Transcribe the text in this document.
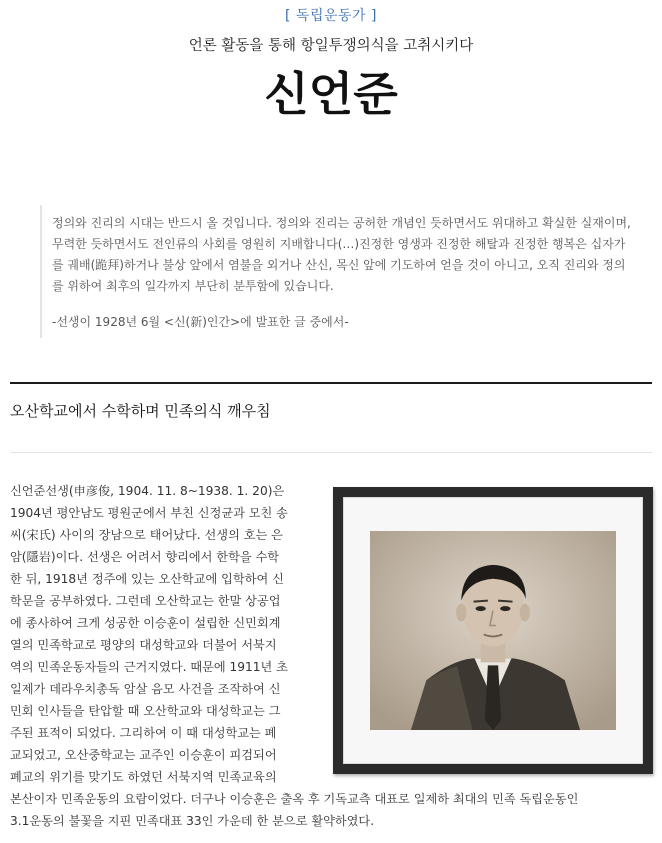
[ 독립운동가 ]
언론 활동을 통해 항일투쟁의식을 고취시키다
신언준
정의와 진리의 시대는 반드시 올 것입니다. 정의와 진리는 공허한 개념인 듯하면서도 위대하고 확실한 실재이며,
무력한 듯하면서도 전인류의 사회를 영원히 지배합니다(…)진정한 영생과 진정한 해탈과 진정한 행복은 십자가
를 궤배(跪拜)하거나 불상 앞에서 염불을 외거나 산신, 목신 앞에 기도하여 얻을 것이 아니고, 오직 진리와 정의
를 위하여 최후의 일각까지 부단히 분투함에 있습니다.
-선생이 1928년 6월 <신(新)인간>에 발표한 글 중에서-
오산학교에서 수학하며 민족의식 깨우침

신언준선생(申彦俊, 1904. 11. 8~1938. 1. 20)은

1904년 평안남도 평원군에서 부친 신정균과 모친 송

씨(宋氏) 사이의 장남으로 태어났다. 선생의 호는 은

암(隱岩)이다. 선생은 어려서 향리에서 한학을 수학

한 뒤, 1918년 정주에 있는 오산학교에 입학하여 신

학문을 공부하였다. 그런데 오산학교는 한말 상공업

에 종사하여 크게 성공한 이승훈이 설립한 신민회계

열의 민족학교로 평양의 대성학교와 더불어 서북지

역의 민족운동자들의 근거지였다. 때문에 1911년 초

일제가 데라우치총독 암살 음모 사건을 조작하여 신

민회 인사들을 탄압할 때 오산학교와 대성학교는 그

주된 표적이 되었다. 그리하여 이 때 대성학교는 폐

교되었고, 오산중학교는 교주인 이승훈이 피검되어

폐교의 위기를 맞기도 하였던 서북지역 민족교육의

본산이자 민족운동의 요람이었다. 더구나 이승훈은 출옥 후 기독교측 대표로 일제하 최대의 민족 독립운동인

3.1운동의 불꽃을 지핀 민족대표 33인 가운데 한 분으로 활약하였다.
